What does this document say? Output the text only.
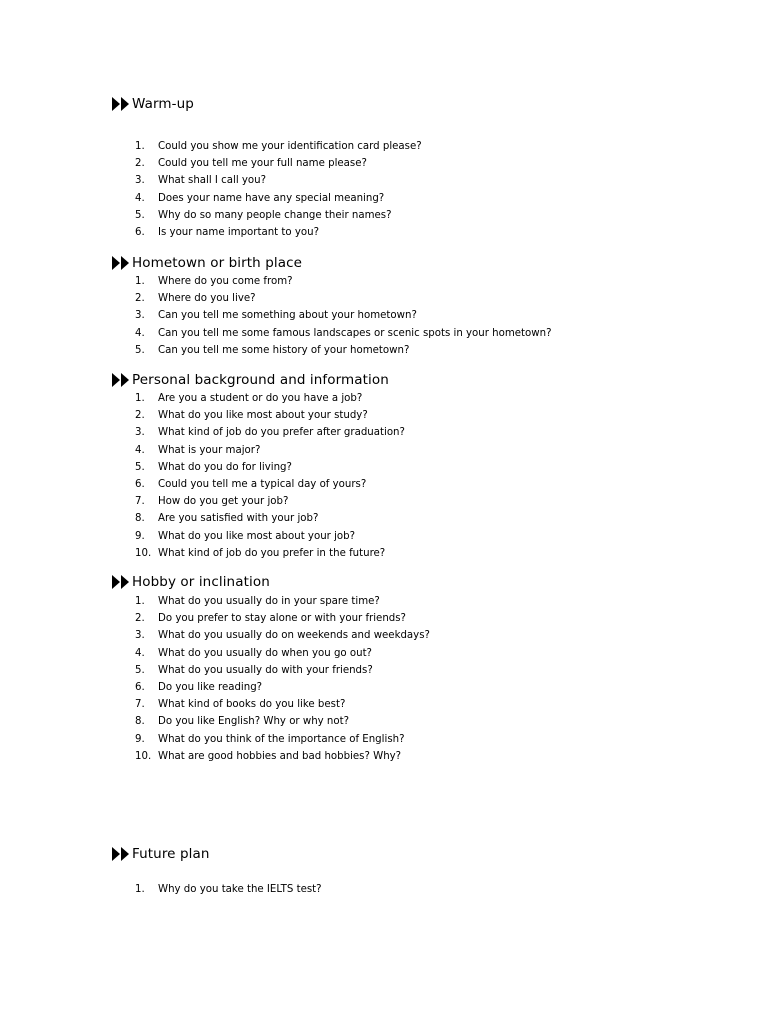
Warm-up
1.	Could you show me your identification card please?
2.	Could you tell me your full name please?
3.	What shall I call you?
4.	Does your name have any special meaning?
5.	Why do so many people change their names?
6.	Is your name important to you?
Hometown or birth place
1.	Where do you come from?
2.	Where do you live?
3.	Can you tell me something about your hometown?
4.	Can you tell me some famous landscapes or scenic spots in your hometown?
5.	Can you tell me some history of your hometown?
Personal background and information
1.	Are you a student or do you have a job?
2.	What do you like most about your study?
3.	What kind of job do you prefer after graduation?
4.	What is your major?
5.	What do you do for living?
6.	Could you tell me a typical day of yours?
7.	How do you get your job?
8.	Are you satisfied with your job?
9.	What do you like most about your job?
10. What kind of job do you prefer in the future?
Hobby or inclination
1.	What do you usually do in your spare time?
2.	Do you prefer to stay alone or with your friends?
3.	What do you usually do on weekends and weekdays?
4.	What do you usually do when you go out?
5.	What do you usually do with your friends?
6.	Do you like reading?
7.	What kind of books do you like best?
8.	Do you like English? Why or why not?
9.	What do you think of the importance of English?
10. What are good hobbies and bad hobbies? Why?
Future plan
1.	Why do you take the IELTS test?
